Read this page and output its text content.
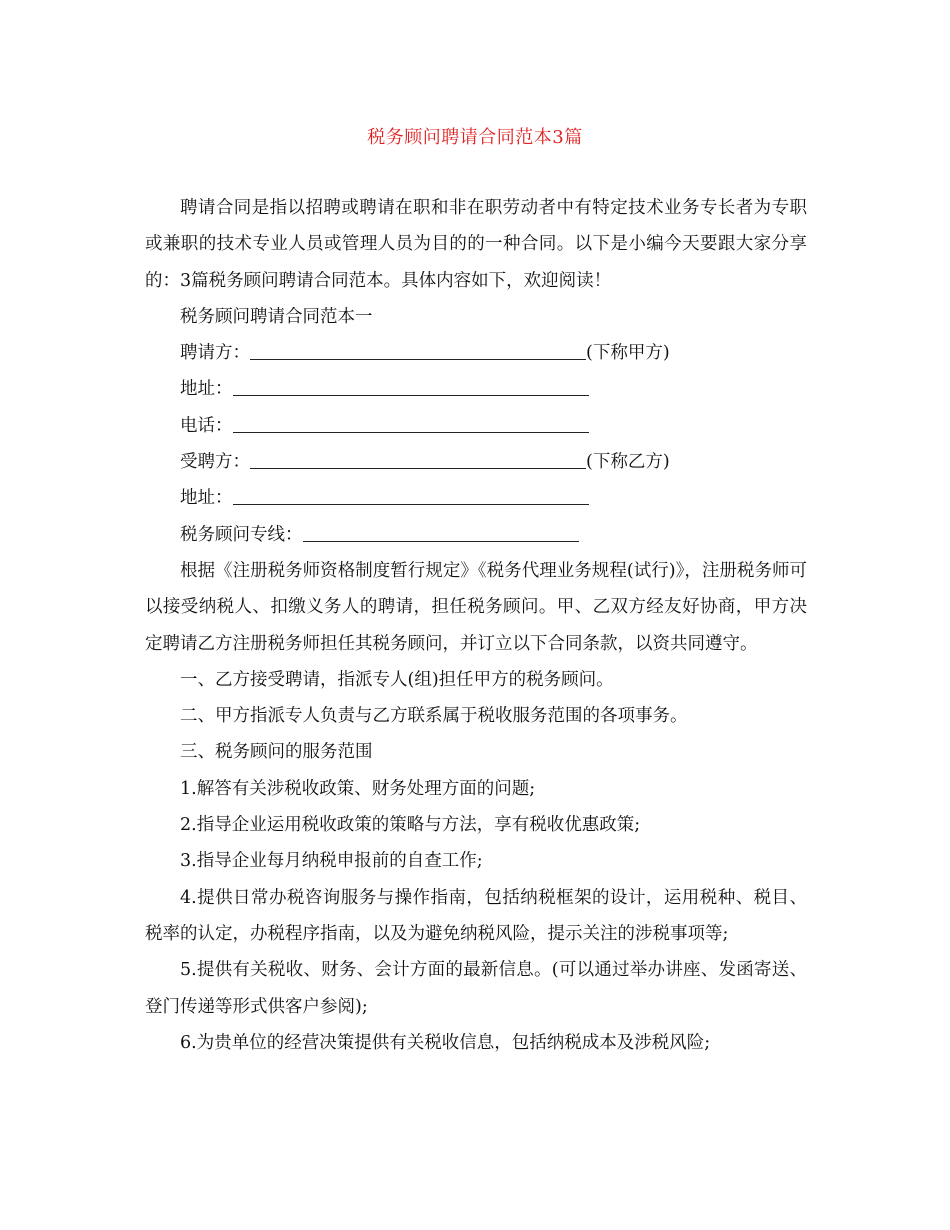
税务顾问聘请合同范本3篇

聘请合同是指以招聘或聘请在职和非在职劳动者中有特定技术业务专长者为专职或兼职的技术专业人员或管理人员为目的的一种合同。以下是小编今天要跟大家分享的：3篇税务顾问聘请合同范本。具体内容如下，欢迎阅读！

税务顾问聘请合同范本一

聘请方：	(下称甲方)

地址：

电话：

受聘方：	(下称乙方)

地址：

税务顾问专线：

根据《注册税务师资格制度暂行规定》《税务代理业务规程(试行)》，注册税务师可以接受纳税人、扣缴义务人的聘请，担任税务顾问。甲、乙双方经友好协商，甲方决定聘请乙方注册税务师担任其税务顾问，并订立以下合同条款，以资共同遵守。

一、乙方接受聘请，指派专人(组)担任甲方的税务顾问。

二、甲方指派专人负责与乙方联系属于税收服务范围的各项事务。

三、税务顾问的服务范围

1.解答有关涉税收政策、财务处理方面的问题;

2.指导企业运用税收政策的策略与方法，享有税收优惠政策;

3.指导企业每月纳税申报前的自查工作;

4.提供日常办税咨询服务与操作指南，包括纳税框架的设计，运用税种、税目、税率的认定，办税程序指南，以及为避免纳税风险，提示关注的涉税事项等;

5.提供有关税收、财务、会计方面的最新信息。(可以通过举办讲座、发函寄送、登门传递等形式供客户参阅);

6.为贵单位的经营决策提供有关税收信息，包括纳税成本及涉税风险;
